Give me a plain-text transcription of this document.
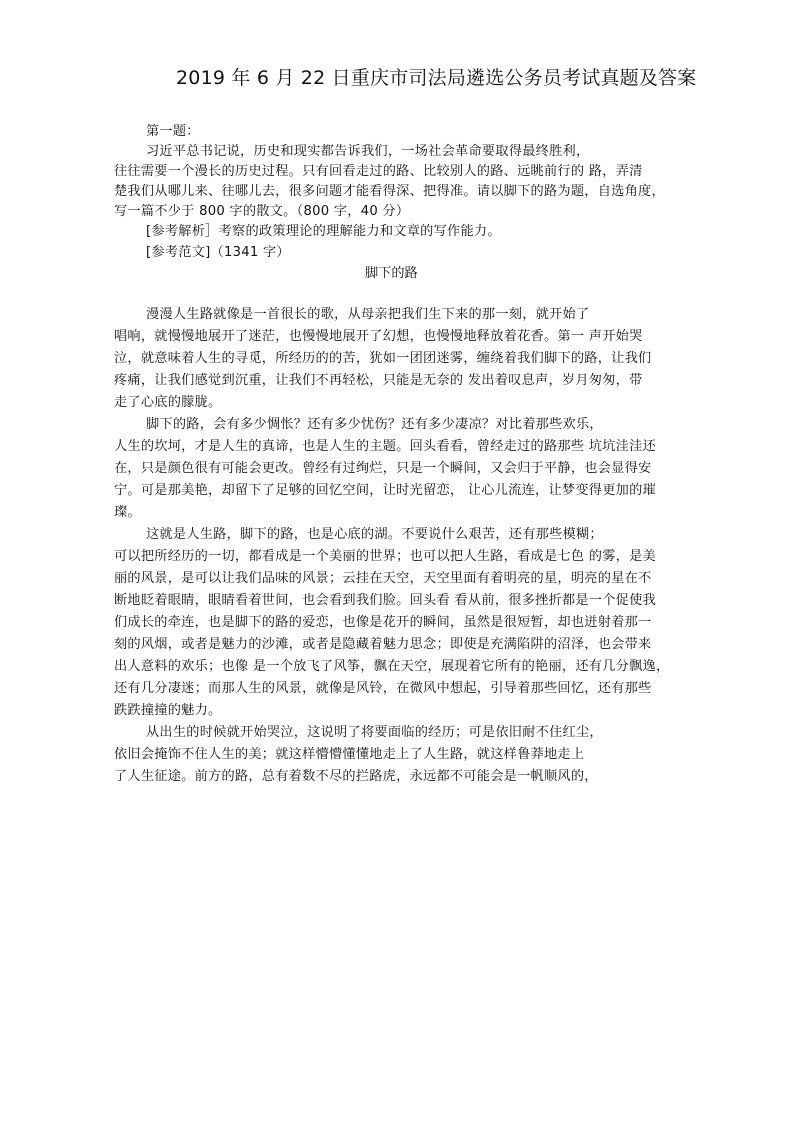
2019 年 6 月 22 日重庆市司法局遴选公务员考试真题及答案
第一题：
习近平总书记说，历史和现实都告诉我们，一场社会革命要取得最终胜利，
往往需要一个漫长的历史过程。只有回看走过的路、比较别人的路、远眺前行的 路，弄清
楚我们从哪儿来、往哪儿去，很多问题才能看得深、把得准。请以脚下的路为题，自选角度，
写一篇不少于 800 字的散文。（800 字，40 分）
[参考解析］考察的政策理论的理解能力和文章的写作能力。
[参考范文]（1341 字）
脚下的路
漫漫人生路就像是一首很长的歌，从母亲把我们生下来的那一刻，就开始了
唱响，就慢慢地展开了迷茫，也慢慢地展开了幻想，也慢慢地释放着花香。第一 声开始哭
泣，就意味着人生的寻觅，所经历的的苦，犹如一团团迷雾，缠绕着我们脚下的路，让我们
疼痛，让我们感觉到沉重，让我们不再轻松，只能是无奈的 发出着叹息声，岁月匆匆，带
走了心底的朦胧。
脚下的路，会有多少惆怅？还有多少忧伤？还有多少凄凉？对比着那些欢乐，
人生的坎坷，才是人生的真谛，也是人生的主题。回头看看，曾经走过的路那些 坑坑洼洼还
在，只是颜色很有可能会更改。曾经有过绚烂，只是一个瞬间，又会归于平静，也会显得安
宁。可是那美艳，却留下了足够的回忆空间，让时光留恋， 让心儿流连，让梦变得更加的璀
璨。
这就是人生路，脚下的路，也是心底的湖。不要说什么艰苦，还有那些模糊；
可以把所经历的一切，都看成是一个美丽的世界；也可以把人生路，看成是七色 的雾，是美
丽的风景，是可以让我们品味的风景；云挂在天空，天空里面有着明亮的星，明亮的星在不
断地眨着眼睛，眼睛看着世间，也会看到我们脸。回头看 看从前，很多挫折都是一个促使我
们成长的牵连，也是脚下的路的爱恋，也像是花开的瞬间，虽然是很短暂，却也迸射着那一
刻的风烟，或者是魅力的沙滩，或者是隐藏着魅力思念；即使是充满陷阱的沼泽，也会带来
出人意料的欢乐；也像 是一个放飞了风筝，飘在天空，展现着它所有的艳丽，还有几分飘逸，
还有几分凄迷；而那人生的风景，就像是风铃，在微风中想起，引导着那些回忆，还有那些
跌跌撞撞的魅力。
从出生的时候就开始哭泣，这说明了将要面临的经历；可是依旧耐不住红尘，
依旧会掩饰不住人生的美；就这样懵懵懂懂地走上了人生路，就这样鲁莽地走上
了人生征途。前方的路，总有着数不尽的拦路虎，永远都不可能会是一帆顺风的，
